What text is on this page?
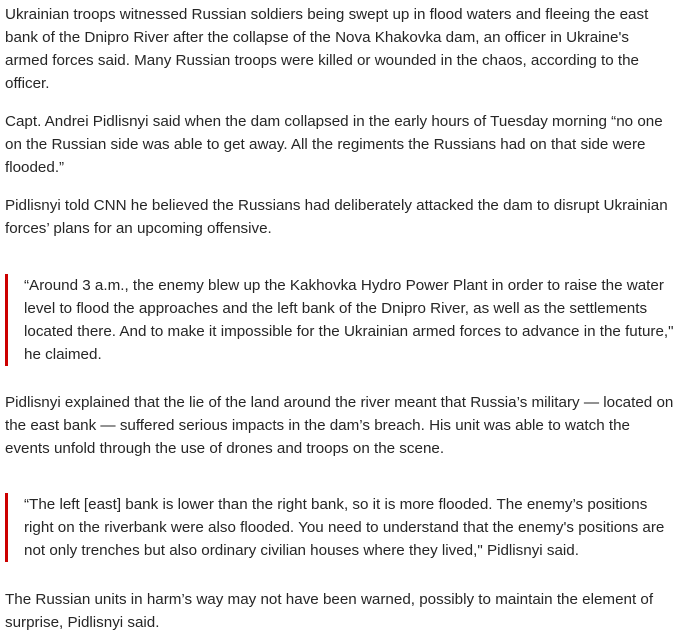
Ukrainian troops witnessed Russian soldiers being swept up in flood waters and fleeing the east bank of the Dnipro River after the collapse of the Nova Khakovka dam, an officer in Ukraine's armed forces said. Many Russian troops were killed or wounded in the chaos, according to the officer.

Capt. Andrei Pidlisnyi said when the dam collapsed in the early hours of Tuesday morning “no one on the Russian side was able to get away. All the regiments the Russians had on that side were flooded.”

Pidlisnyi told CNN he believed the Russians had deliberately attacked the dam to disrupt Ukrainian forces’ plans for an upcoming offensive.

“Around 3 a.m., the enemy blew up the Kakhovka Hydro Power Plant in order to raise the water level to flood the approaches and the left bank of the Dnipro River, as well as the settlements located there. And to make it impossible for the Ukrainian armed forces to advance in the future," he claimed.

Pidlisnyi explained that the lie of the land around the river meant that Russia’s military — located on the east bank — suffered serious impacts in the dam’s breach. His unit was able to watch the events unfold through the use of drones and troops on the scene.

“The left [east] bank is lower than the right bank, so it is more flooded. The enemy’s positions right on the riverbank were also flooded. You need to understand that the enemy's positions are not only trenches but also ordinary civilian houses where they lived," Pidlisnyi said.

The Russian units in harm’s way may not have been warned, possibly to maintain the element of surprise, Pidlisnyi said.
